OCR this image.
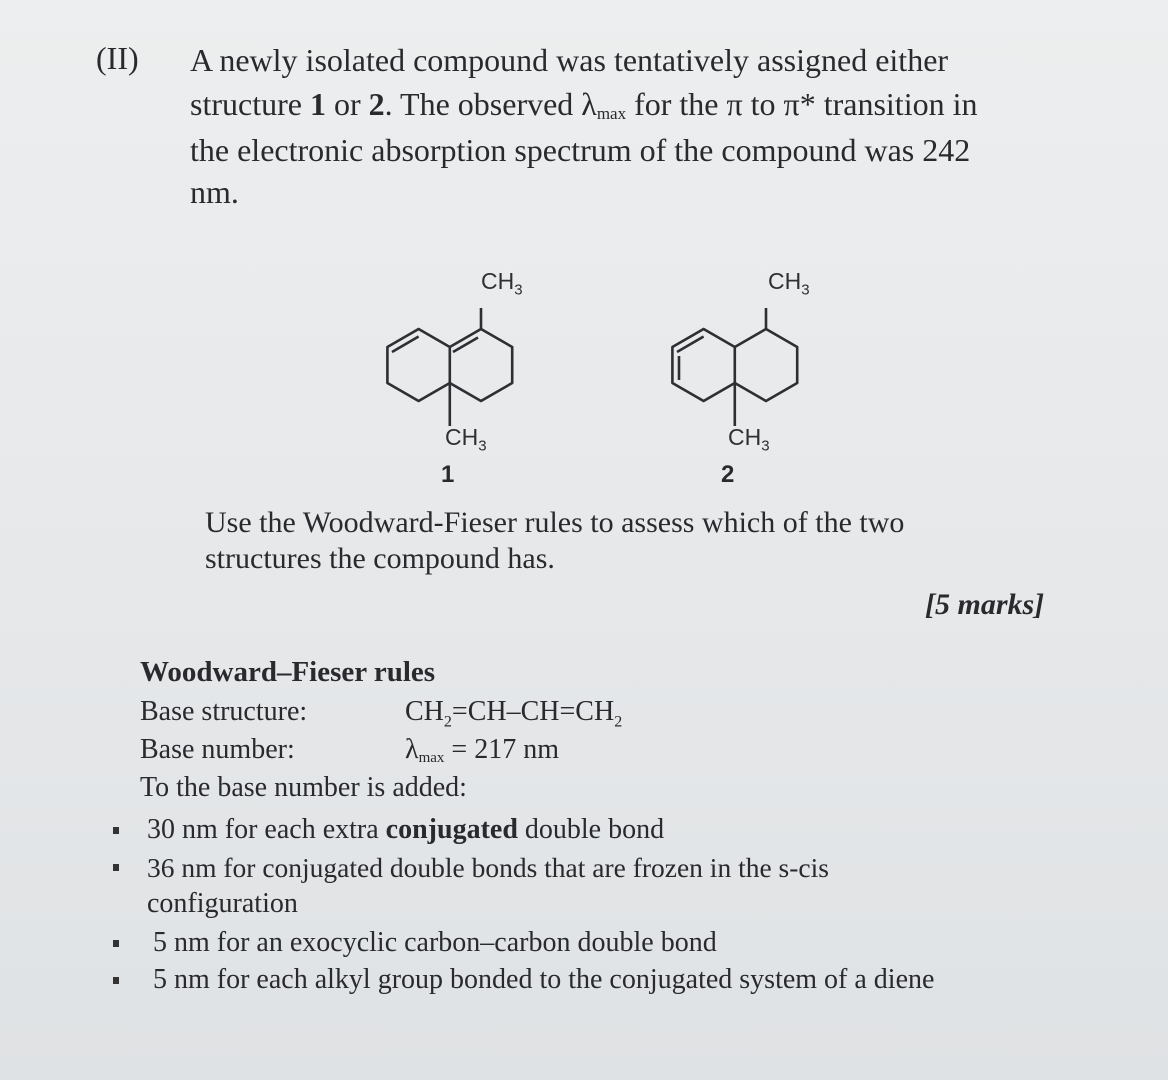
(II) A newly isolated compound was tentatively assigned either
structure 1 or 2. The observed λmax for the π to π* transition in
the electronic absorption spectrum of the compound was 242
nm.
$CH_3$
$CH_3$
1
$CH_3$
$CH_3$
2
Use the Woodward-Fieser rules to assess which of the two
structures the compound has.
[5 marks]
Woodward–Fieser rules
Base structure:	$CH_2=CH-CH=CH_2$
Base number:	λmax = 217 nm
To the base number is added:
30 nm for each extra conjugated double bond
36 nm for conjugated double bonds that are frozen in the s-cis
configuration
5 nm for an exocyclic carbon–carbon double bond
5 nm for each alkyl group bonded to the conjugated system of a diene
